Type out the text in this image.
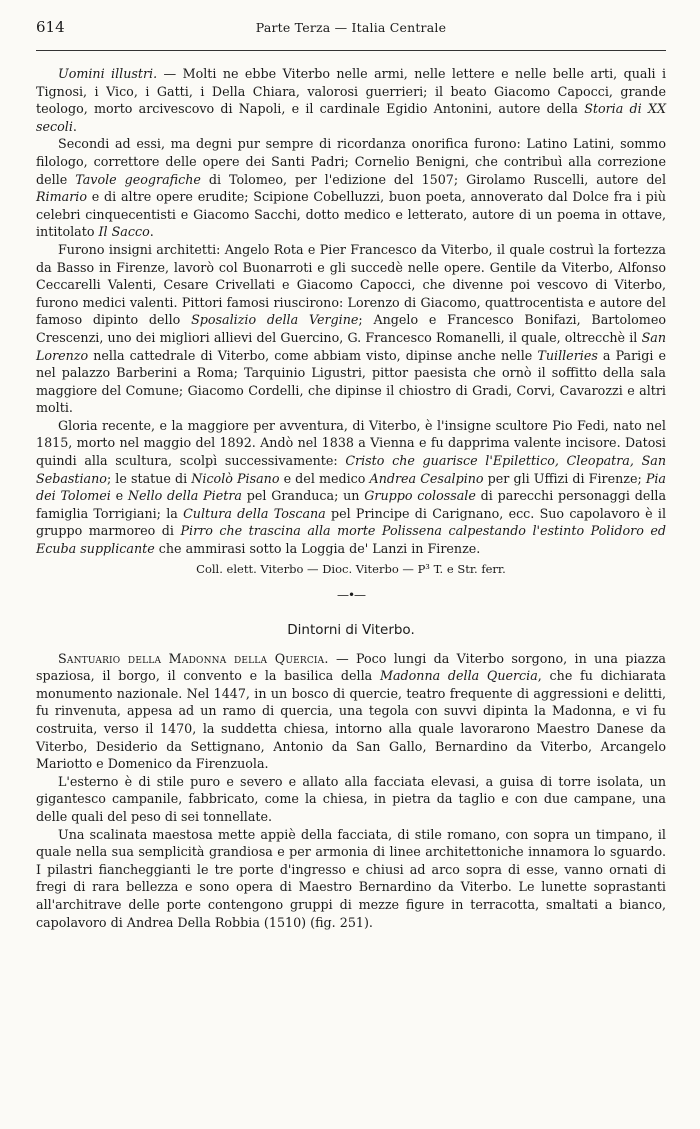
614	Parte Terza — Italia Centrale

Uomini illustri. — Molti ne ebbe Viterbo nelle armi, nelle lettere e nelle belle arti, quali i Tignosi, i Vico, i Gatti, i Della Chiara, valorosi guerrieri; il beato Giacomo Capocci, grande teologo, morto arcivescovo di Napoli, e il cardinale Egidio Antonini, autore della Storia di XX secoli.

Secondi ad essi, ma degni pur sempre di ricordanza onorifica furono: Latino Latini, sommo filologo, correttore delle opere dei Santi Padri; Cornelio Benigni, che contribuì alla correzione delle Tavole geografiche di Tolomeo, per l'edizione del 1507; Girolamo Ruscelli, autore del Rimario e di altre opere erudite; Scipione Cobelluzzi, buon poeta, annoverato dal Dolce fra i più celebri cinquecentisti e Giacomo Sacchi, dotto medico e letterato, autore di un poema in ottave, intitolato Il Sacco.

Furono insigni architetti: Angelo Rota e Pier Francesco da Viterbo, il quale costruì la fortezza da Basso in Firenze, lavorò col Buonarroti e gli succedè nelle opere. Gentile da Viterbo, Alfonso Ceccarelli Valenti, Cesare Crivellati e Giacomo Capocci, che divenne poi vescovo di Viterbo, furono medici valenti. Pittori famosi riuscirono: Lorenzo di Giacomo, quattrocentista e autore del famoso dipinto dello Sposalizio della Vergine; Angelo e Francesco Bonifazi, Bartolomeo Crescenzi, uno dei migliori allievi del Guercino, G. Francesco Romanelli, il quale, oltrecchè il San Lorenzo nella cattedrale di Viterbo, come abbiam visto, dipinse anche nelle Tuilleries a Parigi e nel palazzo Barberini a Roma; Tarquinio Ligustri, pittor paesista che ornò il soffitto della sala maggiore del Comune; Giacomo Cordelli, che dipinse il chiostro di Gradi, Corvi, Cavarozzi e altri molti.

Gloria recente, e la maggiore per avventura, di Viterbo, è l'insigne scultore Pio Fedi, nato nel 1815, morto nel maggio del 1892. Andò nel 1838 a Vienna e fu dapprima valente incisore. Datosi quindi alla scultura, scolpì successivamente: Cristo che guarisce l'Epilettico, Cleopatra, San Sebastiano; le statue di Nicolò Pisano e del medico Andrea Cesalpino per gli Uffizi di Firenze; Pia dei Tolomei e Nello della Pietra pel Granduca; un Gruppo colossale di parecchi personaggi della famiglia Torrigiani; la Cultura della Toscana pel Principe di Carignano, ecc. Suo capolavoro è il gruppo marmoreo di Pirro che trascina alla morte Polissena calpestando l'estinto Polidoro ed Ecuba supplicante che ammirasi sotto la Loggia de' Lanzi in Firenze.

Coll. elett. Viterbo — Dioc. Viterbo — P³ T. e Str. ferr.
—•—
Dintorni di Viterbo.

Santuario della Madonna della Quercia. — Poco lungi da Viterbo sorgono, in una piazza spaziosa, il borgo, il convento e la basilica della Madonna della Quercia, che fu dichiarata monumento nazionale. Nel 1447, in un bosco di quercie, teatro frequente di aggressioni e delitti, fu rinvenuta, appesa ad un ramo di quercia, una tegola con suvvi dipinta la Madonna, e vi fu costruita, verso il 1470, la suddetta chiesa, intorno alla quale lavorarono Maestro Danese da Viterbo, Desiderio da Settignano, Antonio da San Gallo, Bernardino da Viterbo, Arcangelo Mariotto e Domenico da Firenzuola.

L'esterno è di stile puro e severo e allato alla facciata elevasi, a guisa di torre isolata, un gigantesco campanile, fabbricato, come la chiesa, in pietra da taglio e con due campane, una delle quali del peso di sei tonnellate.

Una scalinata maestosa mette appiè della facciata, di stile romano, con sopra un timpano, il quale nella sua semplicità grandiosa e per armonia di linee architettoniche innamora lo sguardo. I pilastri fiancheggianti le tre porte d'ingresso e chiusi ad arco sopra di esse, vanno ornati di fregi di rara bellezza e sono opera di Maestro Bernardino da Viterbo. Le lunette soprastanti all'architrave delle porte contengono gruppi di mezze figure in terracotta, smaltati a bianco, capolavoro di Andrea Della Robbia (1510) (fig. 251).
